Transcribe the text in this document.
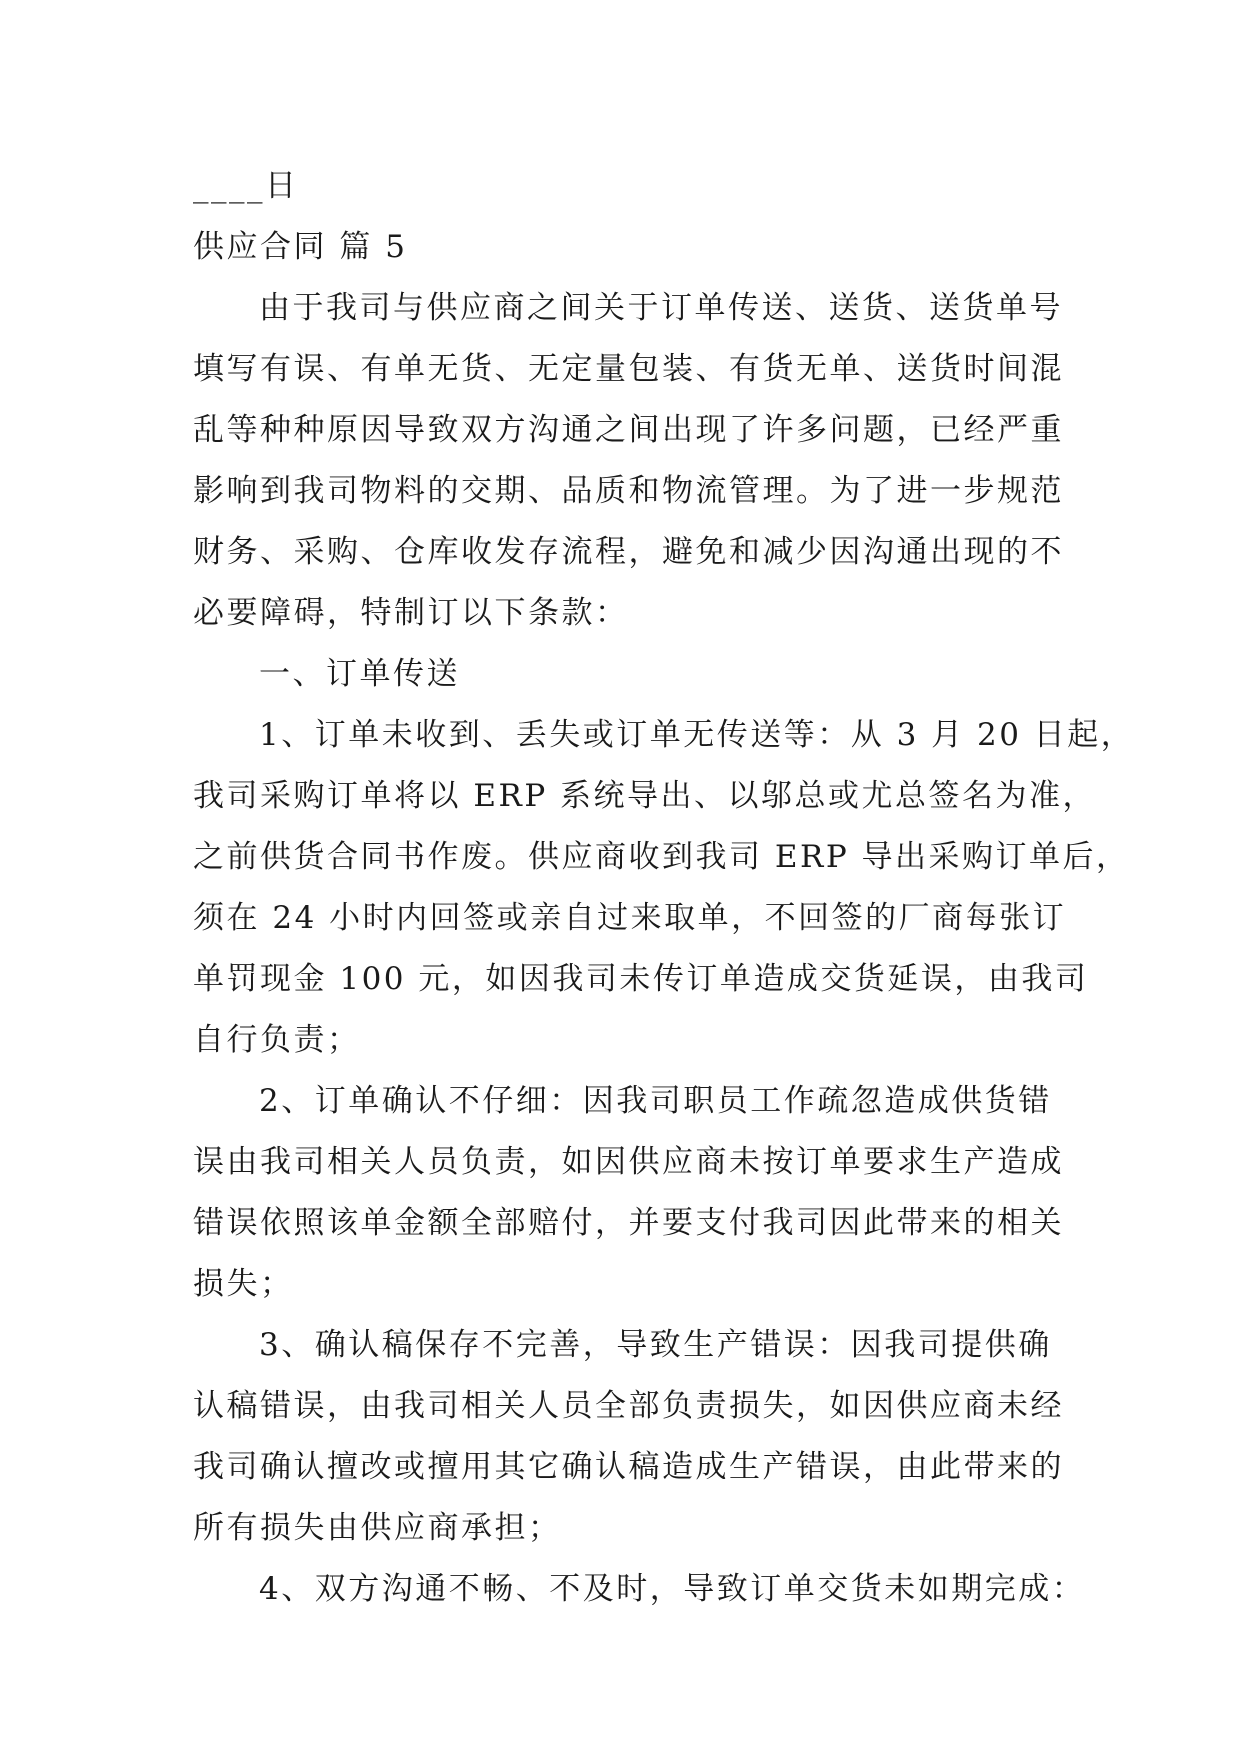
____日
供应合同 篇 5
由于我司与供应商之间关于订单传送、送货、送货单号
填写有误、有单无货、无定量包装、有货无单、送货时间混
乱等种种原因导致双方沟通之间出现了许多问题，已经严重
影响到我司物料的交期、品质和物流管理。为了进一步规范
财务、采购、仓库收发存流程，避免和减少因沟通出现的不
必要障碍，特制订以下条款：
一、订单传送
1、订单未收到、丢失或订单无传送等：从 3 月 20 日起，
我司采购订单将以 ERP 系统导出、以邬总或尤总签名为准，
之前供货合同书作废。供应商收到我司 ERP 导出采购订单后，
须在 24 小时内回签或亲自过来取单，不回签的厂商每张订
单罚现金 100 元，如因我司未传订单造成交货延误，由我司
自行负责；
2、订单确认不仔细：因我司职员工作疏忽造成供货错
误由我司相关人员负责，如因供应商未按订单要求生产造成
错误依照该单金额全部赔付，并要支付我司因此带来的相关
损失；
3、确认稿保存不完善，导致生产错误：因我司提供确
认稿错误，由我司相关人员全部负责损失，如因供应商未经
我司确认擅改或擅用其它确认稿造成生产错误，由此带来的
所有损失由供应商承担；
4、双方沟通不畅、不及时，导致订单交货未如期完成：
